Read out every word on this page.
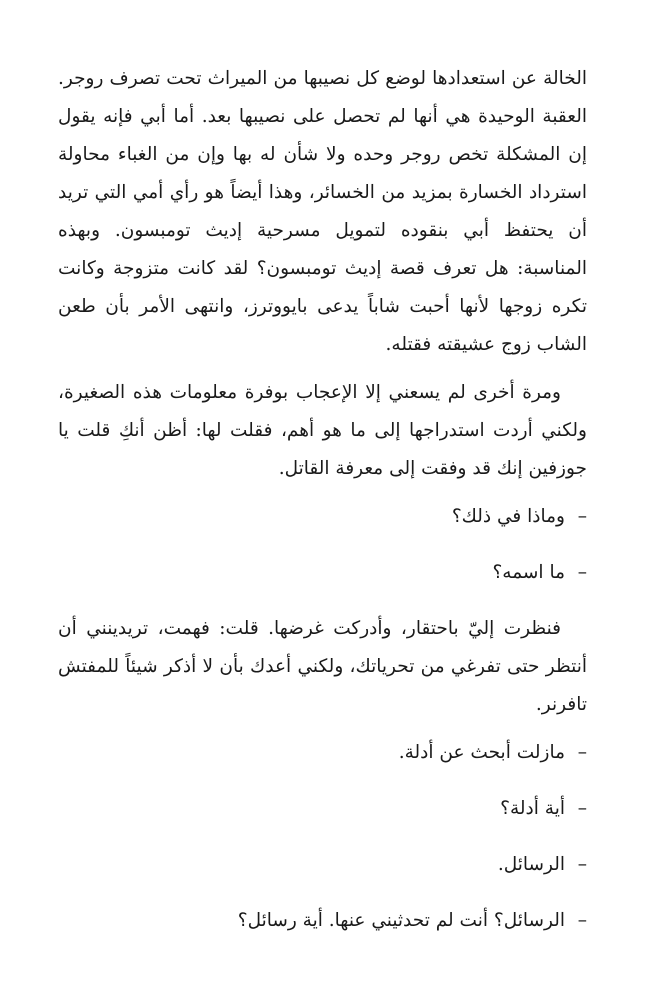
الخالة عن استعدادها لوضع كل نصيبها من الميراث تحت تصرف روجر. العقبة الوحيدة هي أنها لم تحصل على نصيبها بعد. أما أبي فإنه يقول إن المشكلة تخص روجر وحده ولا شأن له بها وإن من الغباء محاولة استرداد الخسارة بمزيد من الخسائر، وهذا أيضاً هو رأي أمي التي تريد أن يحتفظ أبي بنقوده لتمويل مسرحية إديث تومبسون. وبهذه المناسبة: هل تعرف قصة إديث تومبسون؟ لقد كانت متزوجة وكانت تكره زوجها لأنها أحبت شاباً يدعى بايووترز، وانتهى الأمر بأن طعن الشاب زوج عشيقته فقتله.

ومرة أخرى لم يسعني إلا الإعجاب بوفرة معلومات هذه الصغيرة، ولكني أردت استدراجها إلى ما هو أهم، فقلت لها: أظن أنكِ قلت يا جوزفين إنك قد وفقت إلى معرفة القاتل.

–وماذا في ذلك؟

–ما اسمه؟

فنظرت إليّ باحتقار، وأدركت غرضها. قلت: فهمت، تريدينني أن أنتظر حتى تفرغي من تحرياتك، ولكني أعدك بأن لا أذكر شيئاً للمفتش تافرنر.

–مازلت أبحث عن أدلة.

–أية أدلة؟

–الرسائل.

–الرسائل؟ أنت لم تحدثيني عنها. أية رسائل؟
